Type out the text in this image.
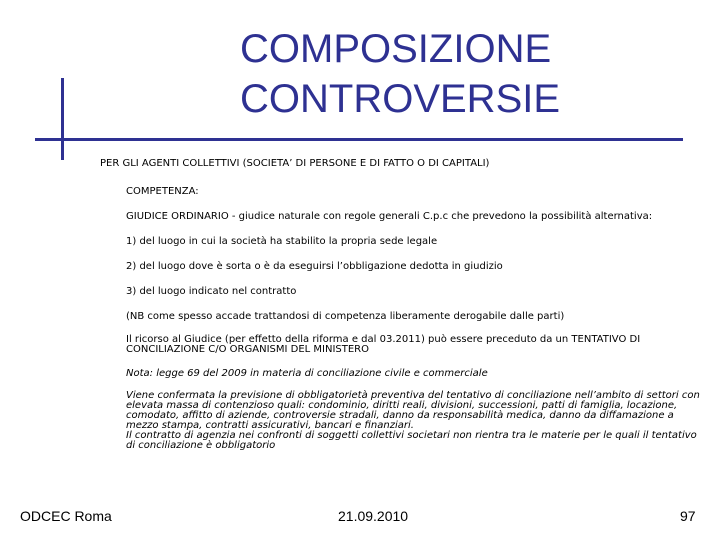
COMPOSIZIONE
CONTROVERSIE
PER GLI AGENTI COLLETTIVI (SOCIETA’ DI PERSONE E DI FATTO O DI CAPITALI)

COMPETENZA:

GIUDICE ORDINARIO - giudice naturale con regole generali C.p.c che prevedono la possibilità alternativa:

1) del luogo in cui la società ha stabilito la propria sede legale

2) del luogo dove è sorta o è da eseguirsi l’obbligazione dedotta in giudizio

3) del luogo indicato nel contratto

(NB come spesso accade trattandosi di competenza liberamente derogabile dalle parti)

Il ricorso al Giudice (per effetto della riforma e dal 03.2011) può essere preceduto da un TENTATIVO DI CONCILIAZIONE C/O ORGANISMI DEL MINISTERO

Nota: legge 69 del 2009 in materia di conciliazione civile e commerciale

Viene confermata la previsione di obbligatorietà preventiva del tentativo di conciliazione nell’ambito di settori con elevata massa di contenzioso quali: condominio, diritti reali, divisioni, successioni, patti di famiglia, locazione, comodato, affitto di aziende, controversie stradali, danno da responsabilità medica, danno da diffamazione a mezzo stampa, contratti assicurativi, bancari e finanziari.

Il contratto di agenzia nei confronti di soggetti collettivi societari non rientra tra le materie per le quali il tentativo di conciliazione è obbligatorio

ODCEC Roma	21.09.2010	97
